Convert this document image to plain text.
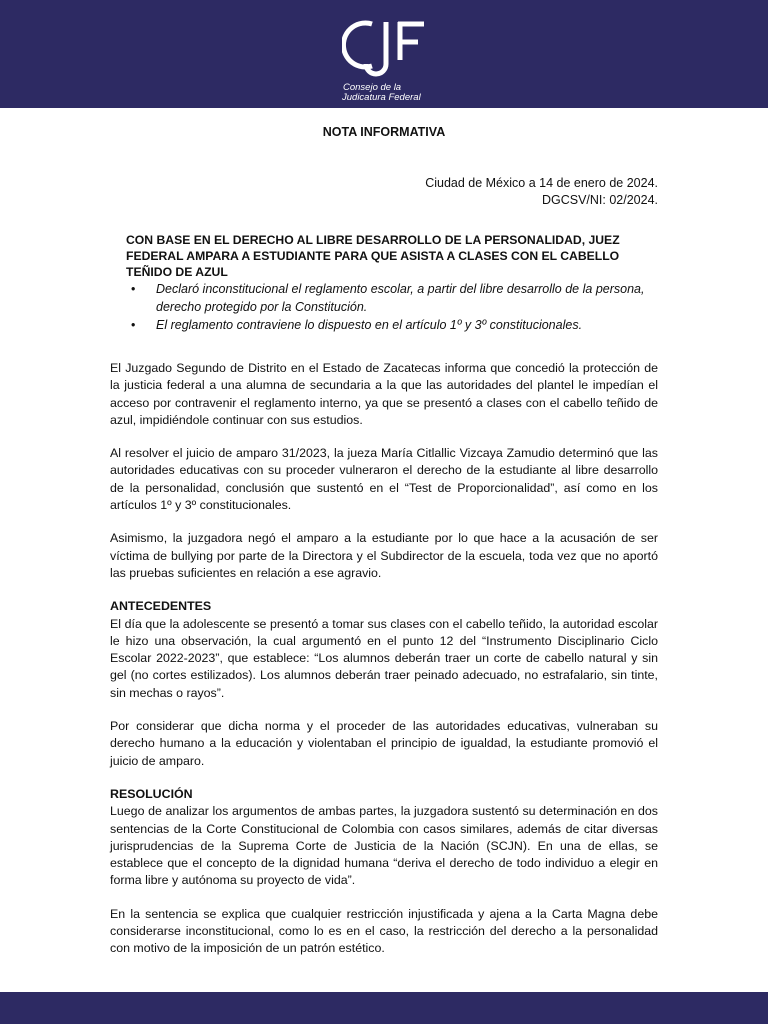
Consejo de la
Judicatura Federal
NOTA INFORMATIVA
Ciudad de México a 14 de enero de 2024.
DGCSV/NI: 02/2024.
CON BASE EN EL DERECHO AL LIBRE DESARROLLO DE LA PERSONALIDAD, JUEZ FEDERAL AMPARA A ESTUDIANTE PARA QUE ASISTA A CLASES CON EL CABELLO TEÑIDO DE AZUL
• Declaró inconstitucional el reglamento escolar, a partir del libre desarrollo de la persona, derecho protegido por la Constitución.
• El reglamento contraviene lo dispuesto en el artículo 1º y 3º constitucionales.

El Juzgado Segundo de Distrito en el Estado de Zacatecas informa que concedió la protección de la justicia federal a una alumna de secundaria a la que las autoridades del plantel le impedían el acceso por contravenir el reglamento interno, ya que se presentó a clases con el cabello teñido de azul, impidiéndole continuar con sus estudios.

Al resolver el juicio de amparo 31/2023, la jueza María Citlallic Vizcaya Zamudio determinó que las autoridades educativas con su proceder vulneraron el derecho de la estudiante al libre desarrollo de la personalidad, conclusión que sustentó en el “Test de Proporcionalidad”, así como en los artículos 1º y 3º constitucionales.

Asimismo, la juzgadora negó el amparo a la estudiante por lo que hace a la acusación de ser víctima de bullying por parte de la Directora y el Subdirector de la escuela, toda vez que no aportó las pruebas suficientes en relación a ese agravio.

ANTECEDENTES

El día que la adolescente se presentó a tomar sus clases con el cabello teñido, la autoridad escolar le hizo una observación, la cual argumentó en el punto 12 del “Instrumento Disciplinario Ciclo Escolar 2022-2023”, que establece: “Los alumnos deberán traer un corte de cabello natural y sin gel (no cortes estilizados). Los alumnos deberán traer peinado adecuado, no estrafalario, sin tinte, sin mechas o rayos”.

Por considerar que dicha norma y el proceder de las autoridades educativas, vulneraban su derecho humano a la educación y violentaban el principio de igualdad, la estudiante promovió el juicio de amparo.

RESOLUCIÓN

Luego de analizar los argumentos de ambas partes, la juzgadora sustentó su determinación en dos sentencias de la Corte Constitucional de Colombia con casos similares, además de citar diversas jurisprudencias de la Suprema Corte de Justicia de la Nación (SCJN). En una de ellas, se establece que el concepto de la dignidad humana “deriva el derecho de todo individuo a elegir en forma libre y autónoma su proyecto de vida”.

En la sentencia se explica que cualquier restricción injustificada y ajena a la Carta Magna debe considerarse inconstitucional, como lo es en el caso, la restricción del derecho a la personalidad con motivo de la imposición de un patrón estético.
